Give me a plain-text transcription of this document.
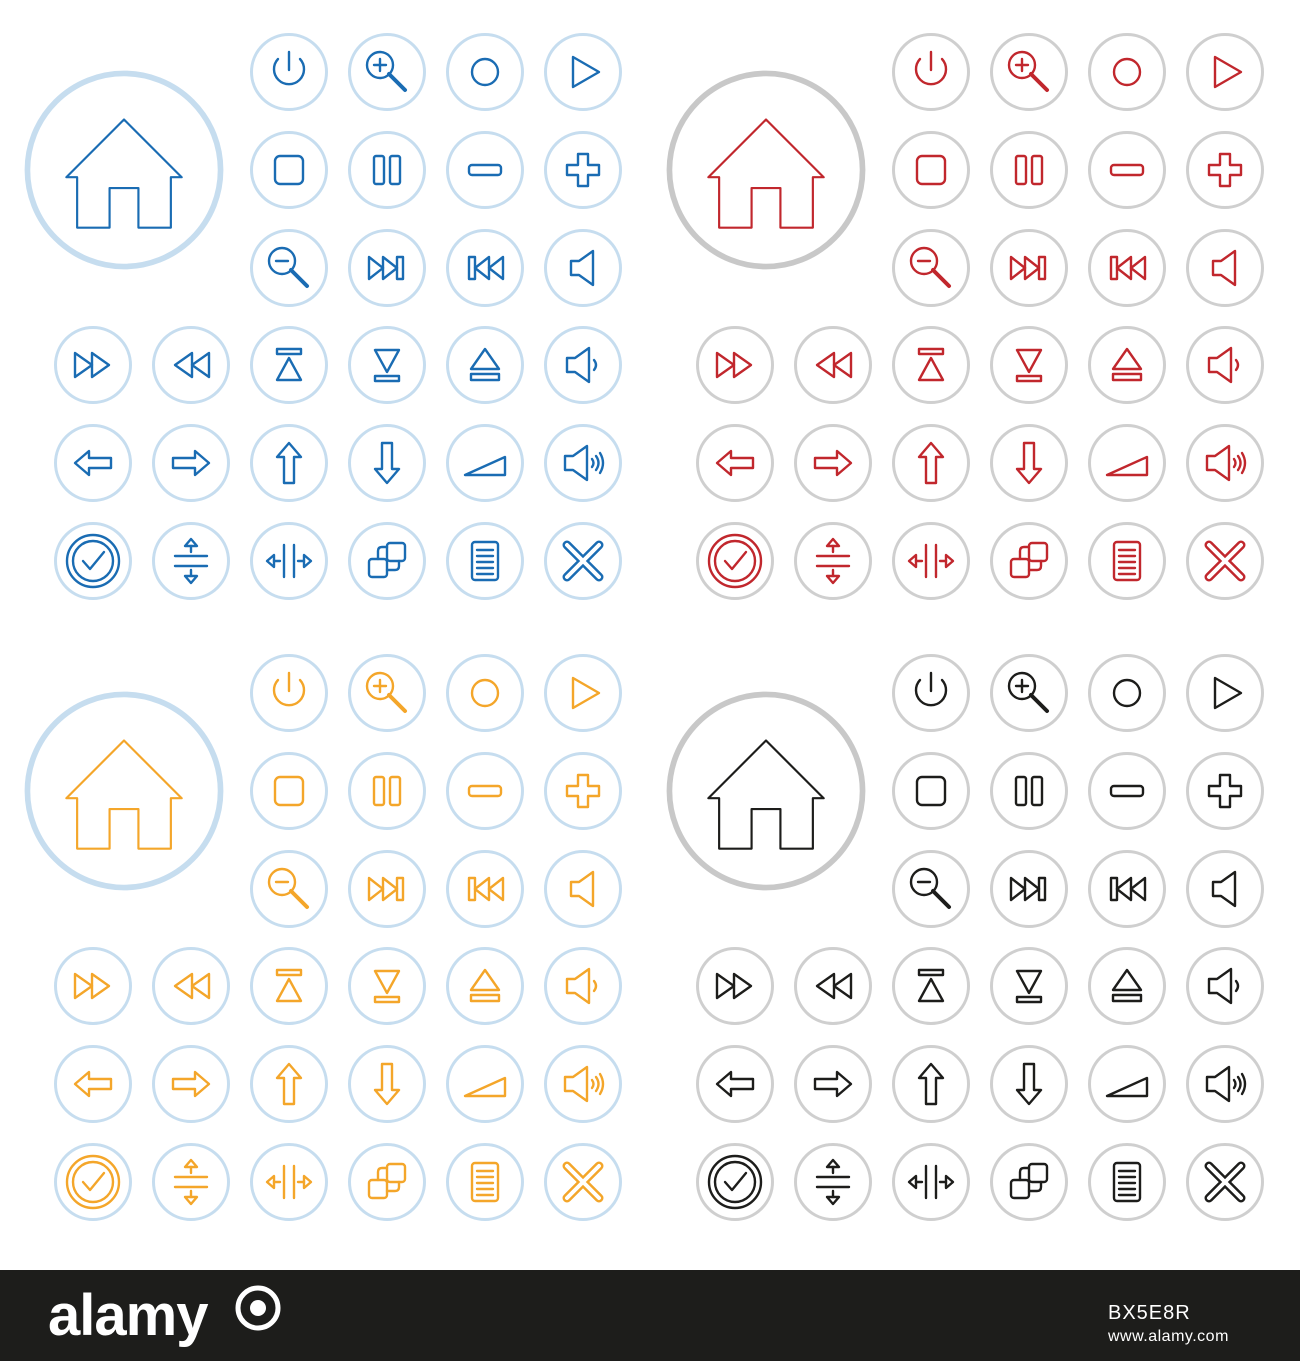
alamy	BX5E8R
www.alamy.com
